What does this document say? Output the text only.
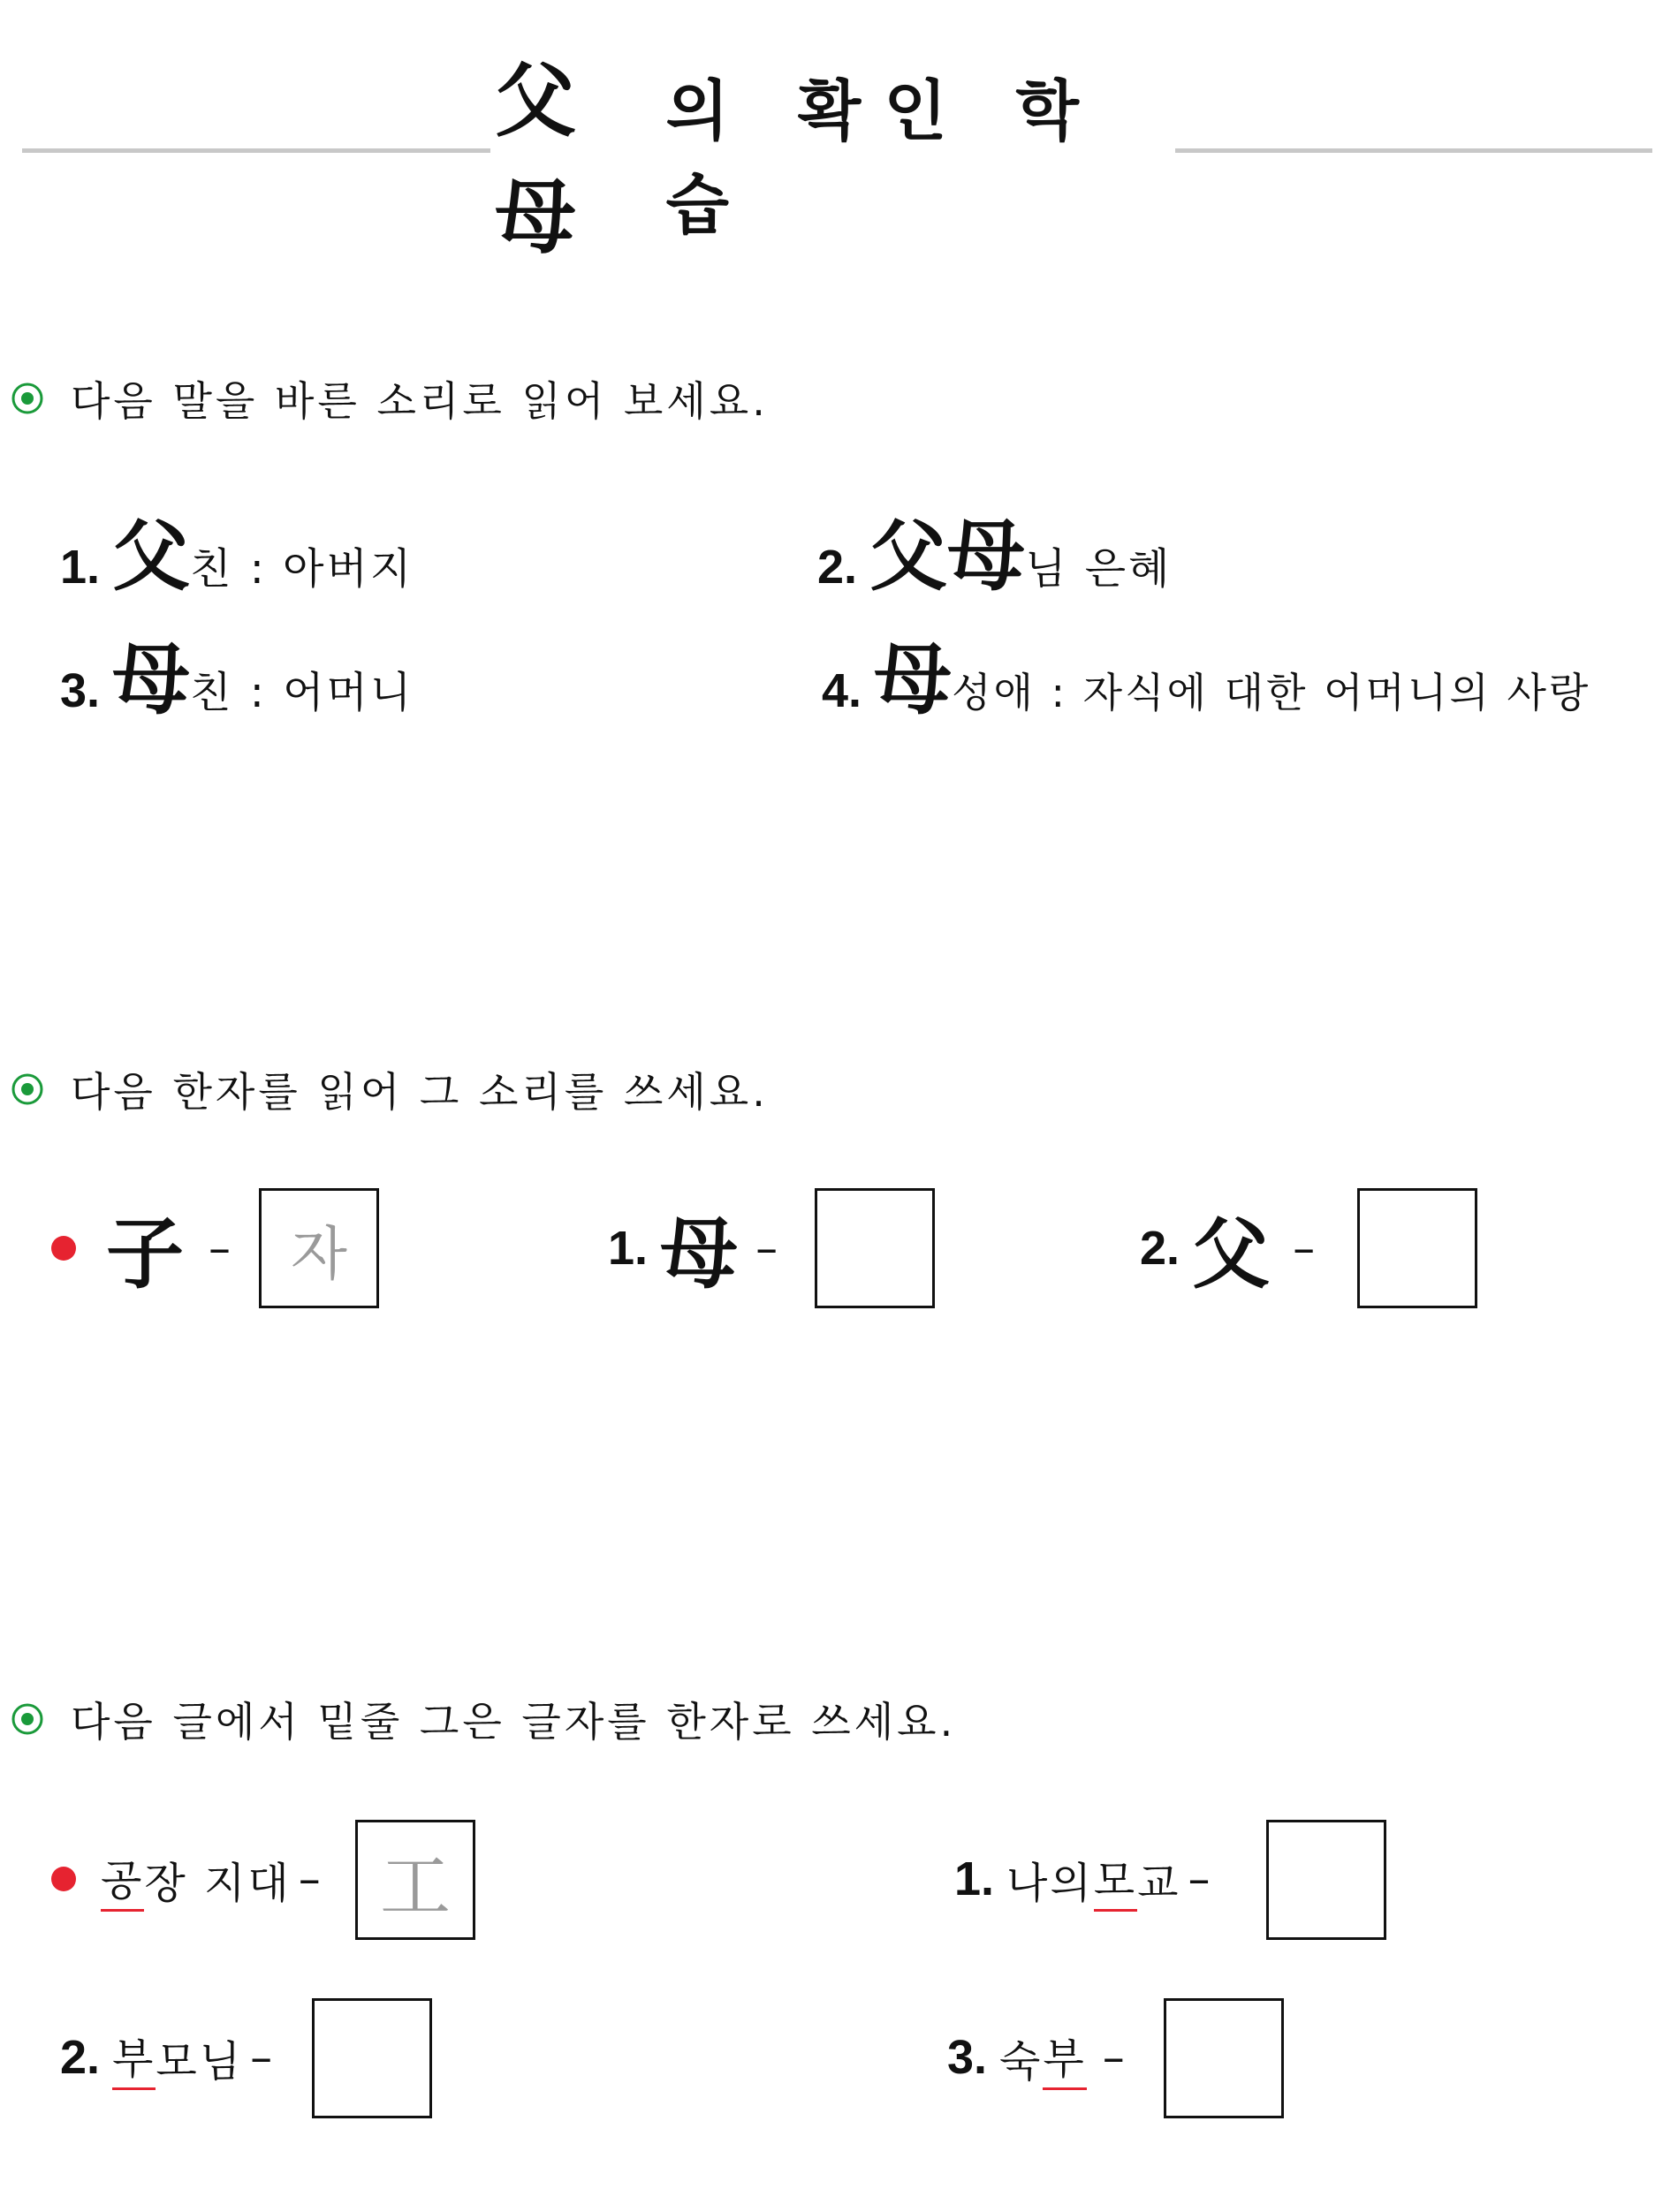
父母
의 확인 학습
다음 말을 바른 소리로 읽어 보세요.
1. 父 친 : 아버지	2. 父母 님 은혜
3. 母 친 : 어머니	4. 母 성애 : 자식에 대한 어머니의 사랑
다음 한자를 읽어 그 소리를 쓰세요.
子 – 자	1. 母 –	2. 父 –
다음 글에서 밑줄 그은 글자를 한자로 쓰세요.
공 장 지대 – 工	1. 나의 모 교 –
2. 부 모님 –	3. 숙 부 –
